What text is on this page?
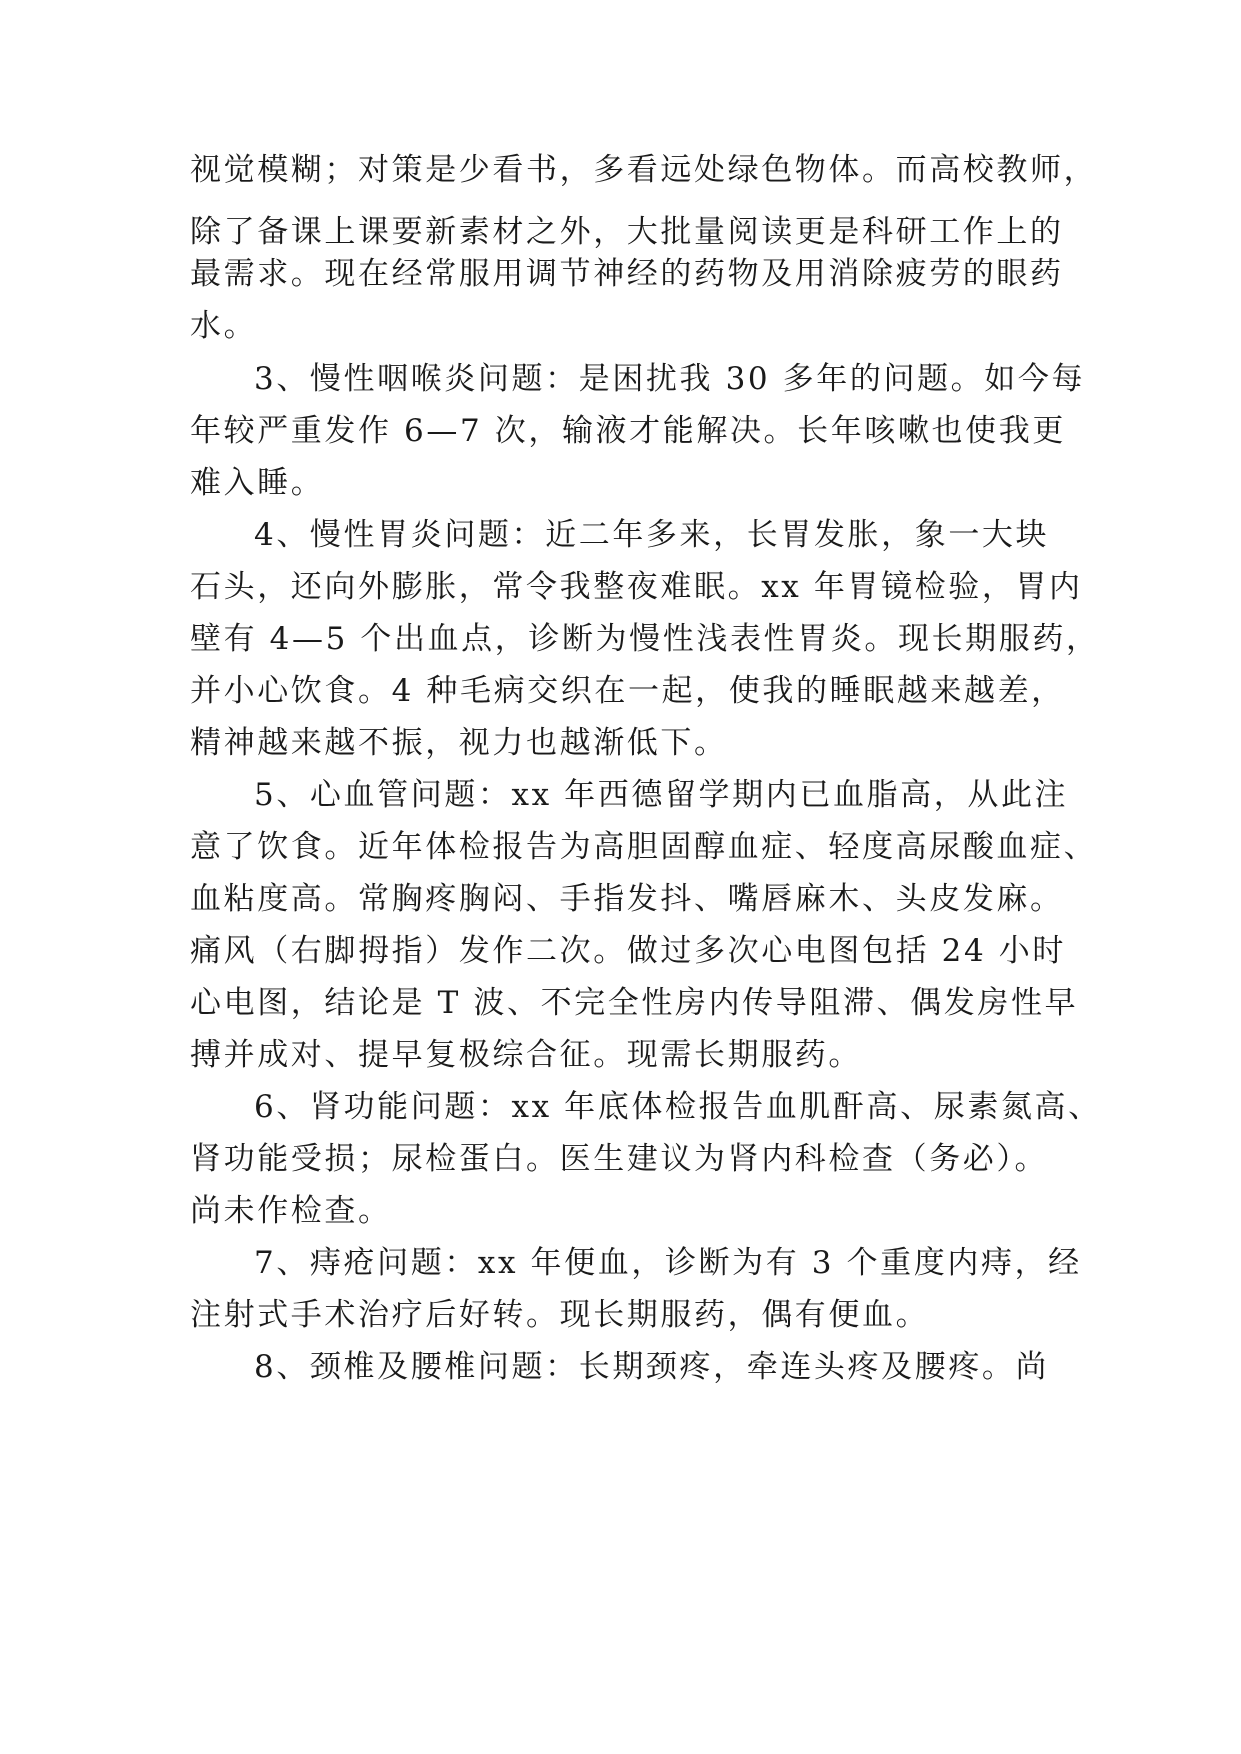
视觉模糊；对策是少看书，多看远处绿色物体。而高校教师，
除了备课上课要新素材之外，大批量阅读更是科研工作上的
最需求。现在经常服用调节神经的药物及用消除疲劳的眼药
水。
3、慢性咽喉炎问题：是困扰我 30 多年的问题。如今每
年较严重发作 6—7 次，输液才能解决。长年咳嗽也使我更
难入睡。
4、慢性胃炎问题：近二年多来，长胃发胀，象一大块
石头，还向外膨胀，常令我整夜难眠。xx 年胃镜检验，胃内
壁有 4—5 个出血点，诊断为慢性浅表性胃炎。现长期服药，
并小心饮食。4 种毛病交织在一起，使我的睡眠越来越差，
精神越来越不振，视力也越渐低下。
5、心血管问题：xx 年西德留学期内已血脂高，从此注
意了饮食。近年体检报告为高胆固醇血症、轻度高尿酸血症、
血粘度高。常胸疼胸闷、手指发抖、嘴唇麻木、头皮发麻。
痛风（右脚拇指）发作二次。做过多次心电图包括 24 小时
心电图，结论是 T 波、不完全性房内传导阻滞、偶发房性早
搏并成对、提早复极综合征。现需长期服药。
6、肾功能问题：xx 年底体检报告血肌酐高、尿素氮高、
肾功能受损；尿检蛋白。医生建议为肾内科检查（务必）。
尚未作检查。
7、痔疮问题：xx 年便血，诊断为有 3 个重度内痔，经
注射式手术治疗后好转。现长期服药，偶有便血。
8、颈椎及腰椎问题：长期颈疼，牵连头疼及腰疼。尚
